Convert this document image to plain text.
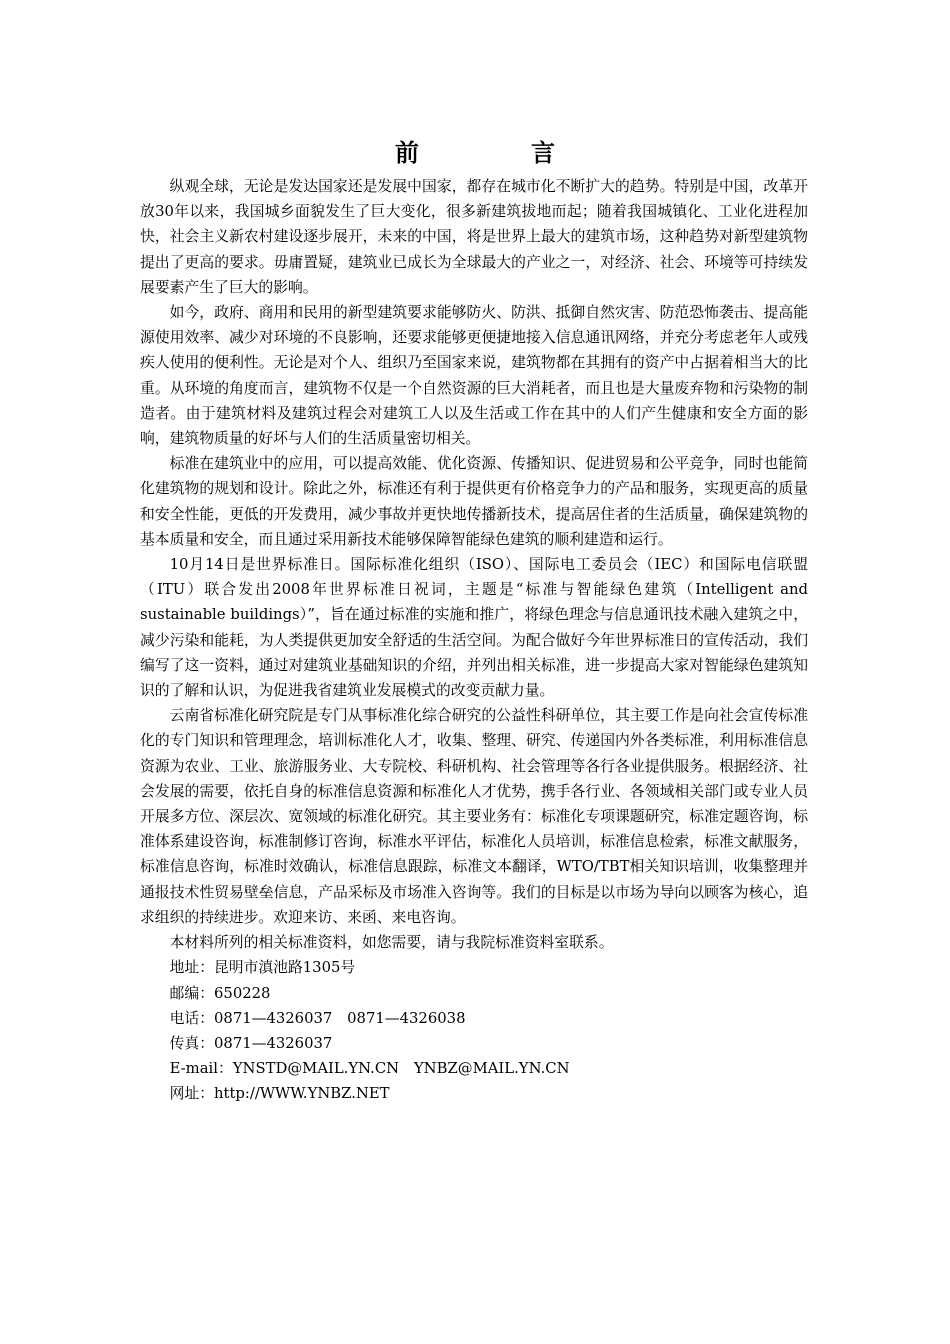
前　言

纵观全球，无论是发达国家还是发展中国家，都存在城市化不断扩大的趋势。特别是中国，改革开放30年以来，我国城乡面貌发生了巨大变化，很多新建筑拔地而起；随着我国城镇化、工业化进程加快，社会主义新农村建设逐步展开，未来的中国，将是世界上最大的建筑市场，这种趋势对新型建筑物提出了更高的要求。毋庸置疑，建筑业已成长为全球最大的产业之一，对经济、社会、环境等可持续发展要素产生了巨大的影响。

如今，政府、商用和民用的新型建筑要求能够防火、防洪、抵御自然灾害、防范恐怖袭击、提高能源使用效率、减少对环境的不良影响，还要求能够更便捷地接入信息通讯网络，并充分考虑老年人或残疾人使用的便利性。无论是对个人、组织乃至国家来说，建筑物都在其拥有的资产中占据着相当大的比重。从环境的角度而言，建筑物不仅是一个自然资源的巨大消耗者，而且也是大量废弃物和污染物的制造者。由于建筑材料及建筑过程会对建筑工人以及生活或工作在其中的人们产生健康和安全方面的影响，建筑物质量的好坏与人们的生活质量密切相关。

标准在建筑业中的应用，可以提高效能、优化资源、传播知识、促进贸易和公平竞争，同时也能简化建筑物的规划和设计。除此之外，标准还有利于提供更有价格竞争力的产品和服务，实现更高的质量和安全性能，更低的开发费用，减少事故并更快地传播新技术，提高居住者的生活质量，确保建筑物的基本质量和安全，而且通过采用新技术能够保障智能绿色建筑的顺利建造和运行。

10月14日是世界标准日。国际标准化组织（ISO）、国际电工委员会（IEC）和国际电信联盟（ITU）联合发出2008年世界标准日祝词，主题是“标准与智能绿色建筑（Intelligent and sustainable buildings）”，旨在通过标准的实施和推广，将绿色理念与信息通讯技术融入建筑之中，减少污染和能耗，为人类提供更加安全舒适的生活空间。为配合做好今年世界标准日的宣传活动，我们编写了这一资料，通过对建筑业基础知识的介绍，并列出相关标准，进一步提高大家对智能绿色建筑知识的了解和认识，为促进我省建筑业发展模式的改变贡献力量。

云南省标准化研究院是专门从事标准化综合研究的公益性科研单位，其主要工作是向社会宣传标准化的专门知识和管理理念，培训标准化人才，收集、整理、研究、传递国内外各类标准，利用标准信息资源为农业、工业、旅游服务业、大专院校、科研机构、社会管理等各行各业提供服务。根据经济、社会发展的需要，依托自身的标准信息资源和标准化人才优势，携手各行业、各领域相关部门或专业人员开展多方位、深层次、宽领域的标准化研究。其主要业务有：标准化专项课题研究，标准定题咨询，标准体系建设咨询，标准制修订咨询，标准水平评估，标准化人员培训，标准信息检索，标准文献服务，标准信息咨询，标准时效确认，标准信息跟踪，标准文本翻译，WTO/TBT相关知识培训，收集整理并通报技术性贸易壁垒信息，产品采标及市场准入咨询等。我们的目标是以市场为导向以顾客为核心，追求组织的持续进步。欢迎来访、来函、来电咨询。

本材料所列的相关标准资料，如您需要，请与我院标准资料室联系。

地址：昆明市滇池路1305号
邮编：650228
电话：0871—4326037　0871—4326038
传真：0871—4326037
E-mail：YNSTD@MAIL.YN.CN　YNBZ@MAIL.YN.CN
网址：http://WWW.YNBZ.NET
